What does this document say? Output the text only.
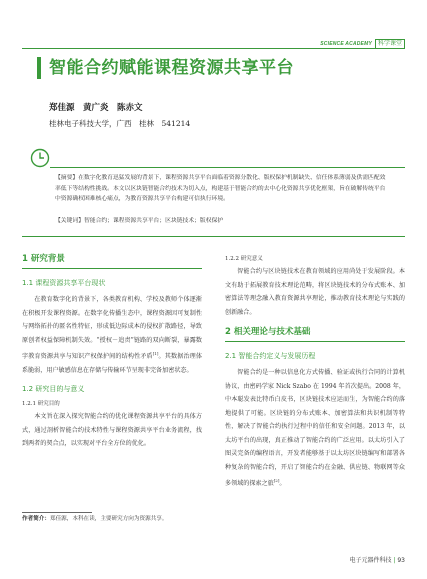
SCIENCE ACADEMY	科学课堂
智能合约赋能课程资源共享平台
郑佳源　黄广炎　陈赤文
桂林电子科技大学，广西　桂林　541214

【摘要】在数字化教育迅猛发展的背景下，课程资源共享平台面临着资源分散化、版权保护机制缺失、信任体系薄弱及供需匹配效率低下等结构性挑战。本文以区块链智能合约技术为切入点，构建基于智能合约的去中心化资源共享优化框架，旨在破解传统平台中资源确权困难核心痛点，为教育资源共享平台构建可信执行环境。

【关键词】智能合约；课程资源共享平台；区块链技术；版权保护

1 研究背景
1.1 课程资源共享平台现状

在教育数字化的背景下，各类教育机构、学校及教师个体逐渐在积极开发课程资源。在数字化传播生态中，课程资源因可复制性与网络拓扑的匿名性特征，形成低边际成本的侵权扩散路径，导致原创者权益保障机制失效。“授权－追责”链路的双向断裂，暴露数字教育资源共享与知识产权保护间的结构性矛盾[1]。其数据治理体系脆弱，用户敏感信息在存储与传输环节呈现非完备加密状态。

1.2 研究目的与意义
1.2.1 研究目的

本文旨在深入探究智能合约的优化课程资源共享平台的具体方式，通过剖析智能合约技术特性与课程资源共享平台业务流程，找到两者的契合点，以实现对平台全方位的优化。

1.2.2 研究意义

智能合约与区块链技术在教育领域的应用尚处于发展阶段。本文有助于拓展教育技术理论范畴，将区块链技术的分布式账本、加密算法等理念融入教育资源共享理论，推动教育技术理论与实践的创新融合。

2 相关理论与技术基础
2.1 智能合约定义与发展历程

智能合约是一种以信息化方式传播、验证或执行合同的计算机协议，由密码学家 Nick Szabo 在 1994 年首次提出。2008 年，中本聪发表比特币白皮书，区块链技术应运而生，为智能合约的落地提供了可能。区块链的分布式账本、加密算法和共识机制等特性，解决了智能合约执行过程中的信任和安全问题。2013 年，以太坊平台的出现，真正推动了智能合约的广泛应用。以太坊引入了图灵完备的编程语言，开发者能够基于以太坊区块链编写和部署各种复杂的智能合约，开启了智能合约在金融、供应链、物联网等众多领域的探索之旅[2]。

作者简介：郑佳源，本科在读，主要研究方向为资源共享。
电子元器件科技 | 93
